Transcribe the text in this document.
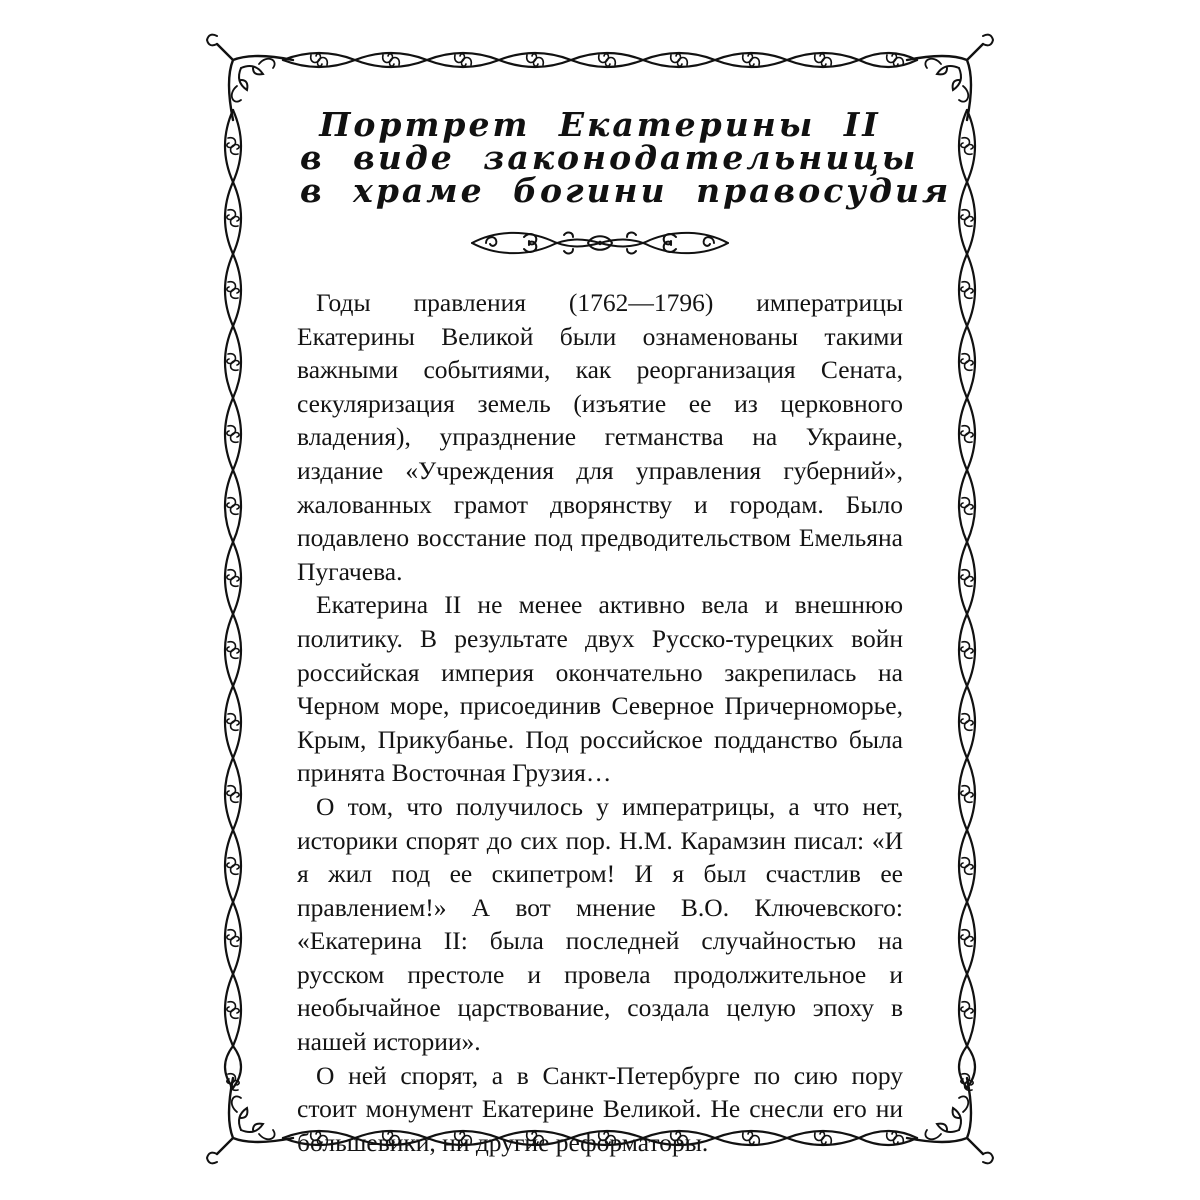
Портрет Екатерины II
в виде законодательницы
в храме богини правосудия

Годы правления (1762—1796) императрицы Екатерины Великой были ознаменованы такими важными событиями, как реорганизация Сената, секуляризация земель (изъятие ее из церковного владения), упразднение гетманства на Украине, издание «Учреждения для управления губерний», жалованных грамот дворянству и городам. Было подавлено восстание под предводительством Емельяна Пугачева.

Екатерина II не менее активно вела и внешнюю политику. В результате двух Русско-турецких войн российская империя окончательно закрепилась на Черном море, присоединив Северное Причерноморье, Крым, Прикубанье. Под российское подданство была принята Восточная Грузия…

О том, что получилось у императрицы, а что нет, историки спорят до сих пор. Н.М. Карамзин писал: «И я жил под ее скипетром! И я был счастлив ее правлением!» А вот мнение В.О. Ключевского: «Екатерина II: была последней случайностью на русском престоле и провела продолжительное и необычайное царствование, создала целую эпоху в нашей истории».

О ней спорят, а в Санкт-Петербурге по сию пору стоит монумент Екатерине Великой. Не снесли его ни большевики, ни другие реформаторы.
